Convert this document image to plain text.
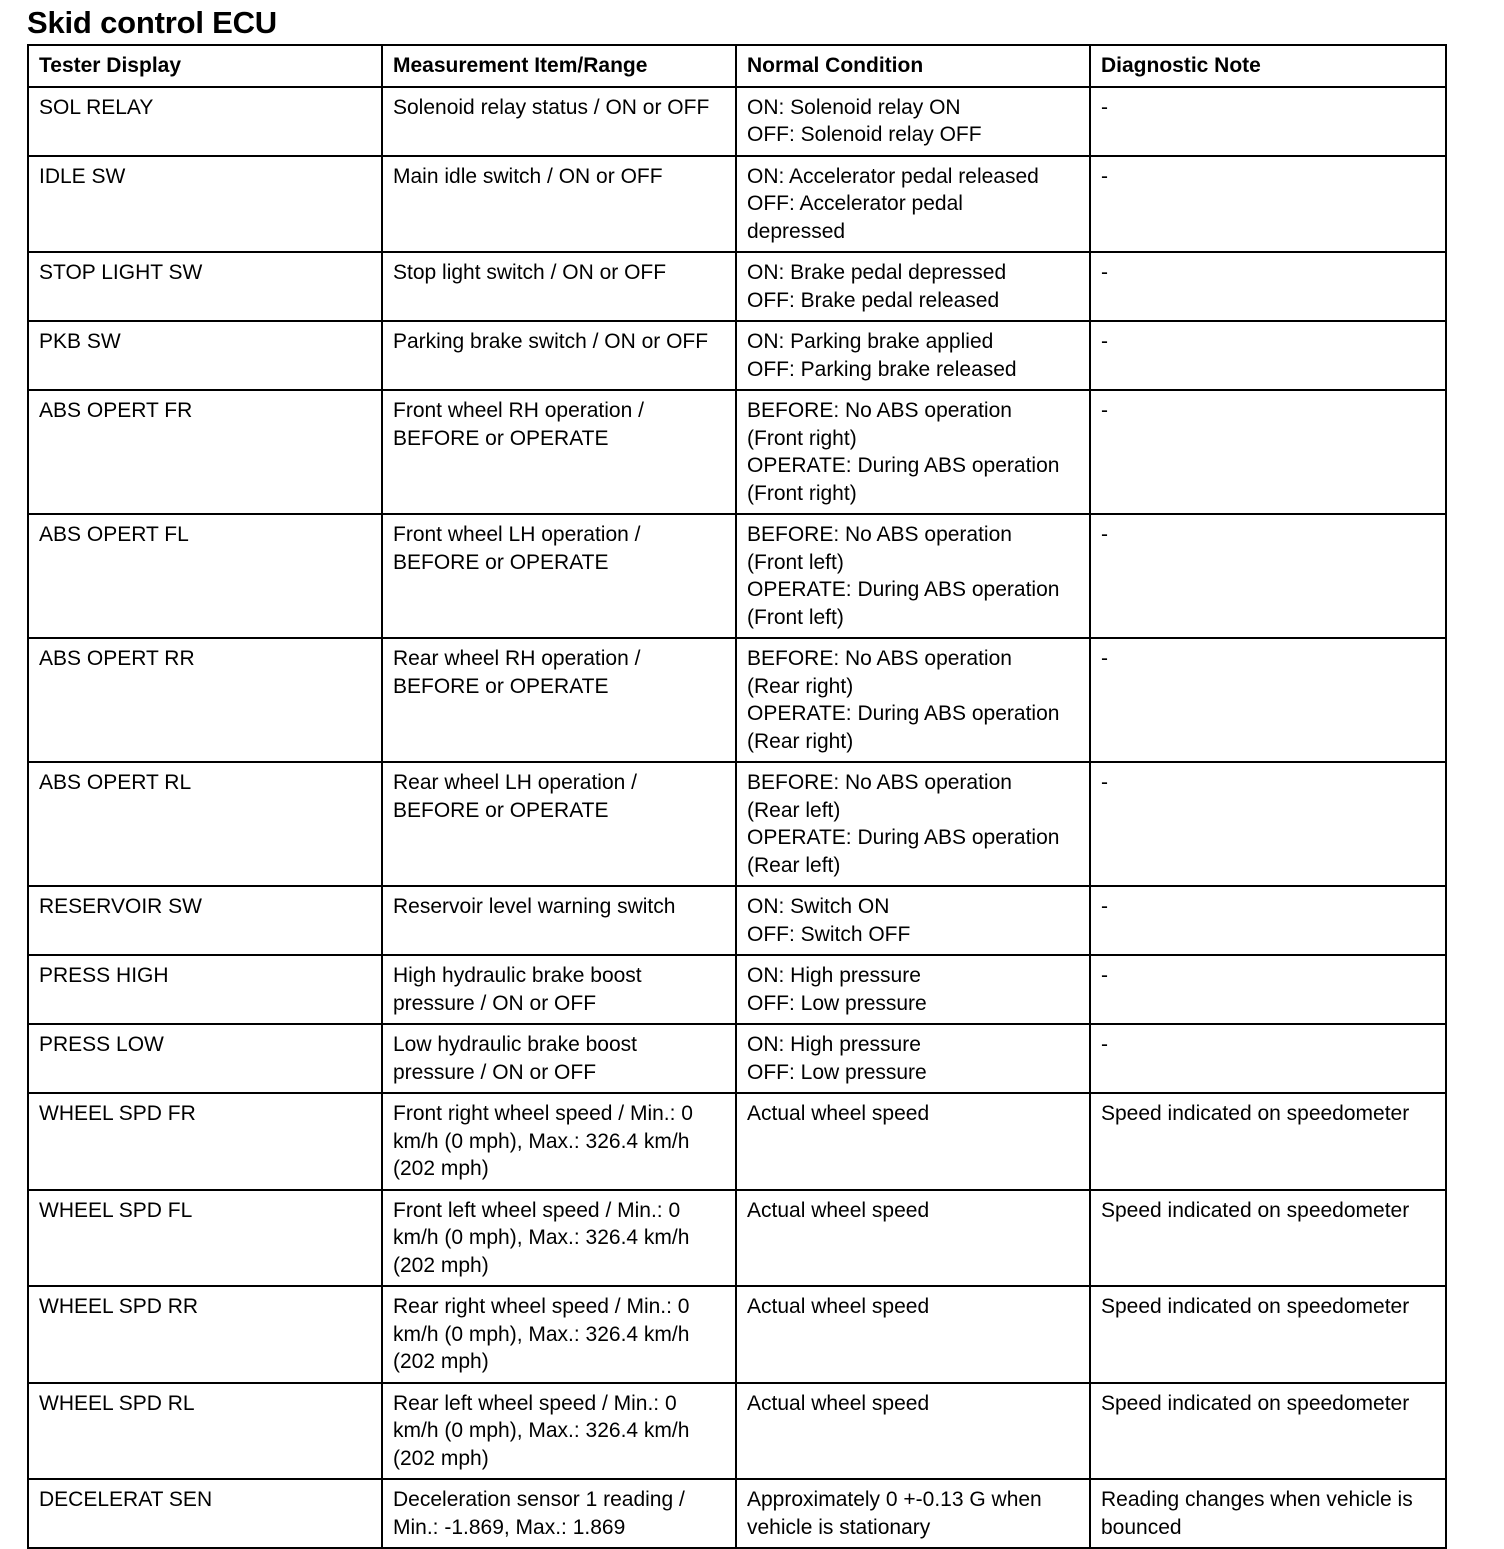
Skid control ECU
Tester Display	Measurement Item/Range	Normal Condition	Diagnostic Note
SOL RELAY	Solenoid relay status / ON or OFF	ON: Solenoid relay ON
OFF: Solenoid relay OFF	-

IDLE SW	Main idle switch / ON or OFF	ON: Accelerator pedal released
OFF: Accelerator pedal
depressed	-

STOP LIGHT SW	Stop light switch / ON or OFF	ON: Brake pedal depressed
OFF: Brake pedal released	-

PKB SW	Parking brake switch / ON or OFF	ON: Parking brake applied
OFF: Parking brake released	-

ABS OPERT FR	Front wheel RH operation /
BEFORE or OPERATE	BEFORE: No ABS operation
(Front right)
OPERATE: During ABS operation
(Front right)	-

ABS OPERT FL	Front wheel LH operation /
BEFORE or OPERATE	BEFORE: No ABS operation
(Front left)
OPERATE: During ABS operation
(Front left)	-

ABS OPERT RR	Rear wheel RH operation /
BEFORE or OPERATE	BEFORE: No ABS operation
(Rear right)
OPERATE: During ABS operation
(Rear right)	-

ABS OPERT RL	Rear wheel LH operation /
BEFORE or OPERATE	BEFORE: No ABS operation
(Rear left)
OPERATE: During ABS operation
(Rear left)	-

RESERVOIR SW	Reservoir level warning switch	ON: Switch ON
OFF: Switch OFF	-

PRESS HIGH	High hydraulic brake boost
pressure / ON or OFF	ON: High pressure
OFF: Low pressure	-

PRESS LOW	Low hydraulic brake boost
pressure / ON or OFF	ON: High pressure
OFF: Low pressure	-

WHEEL SPD FR	Front right wheel speed / Min.: 0
km/h (0 mph), Max.: 326.4 km/h
(202 mph)	Actual wheel speed	Speed indicated on speedometer

WHEEL SPD FL	Front left wheel speed / Min.: 0
km/h (0 mph), Max.: 326.4 km/h
(202 mph)	Actual wheel speed	Speed indicated on speedometer

WHEEL SPD RR	Rear right wheel speed / Min.: 0
km/h (0 mph), Max.: 326.4 km/h
(202 mph)	Actual wheel speed	Speed indicated on speedometer

WHEEL SPD RL	Rear left wheel speed / Min.: 0
km/h (0 mph), Max.: 326.4 km/h
(202 mph)	Actual wheel speed	Speed indicated on speedometer

DECELERAT SEN	Deceleration sensor 1 reading /
Min.: -1.869, Max.: 1.869	Approximately 0 +-0.13 G when
vehicle is stationary	Reading changes when vehicle is
bounced
